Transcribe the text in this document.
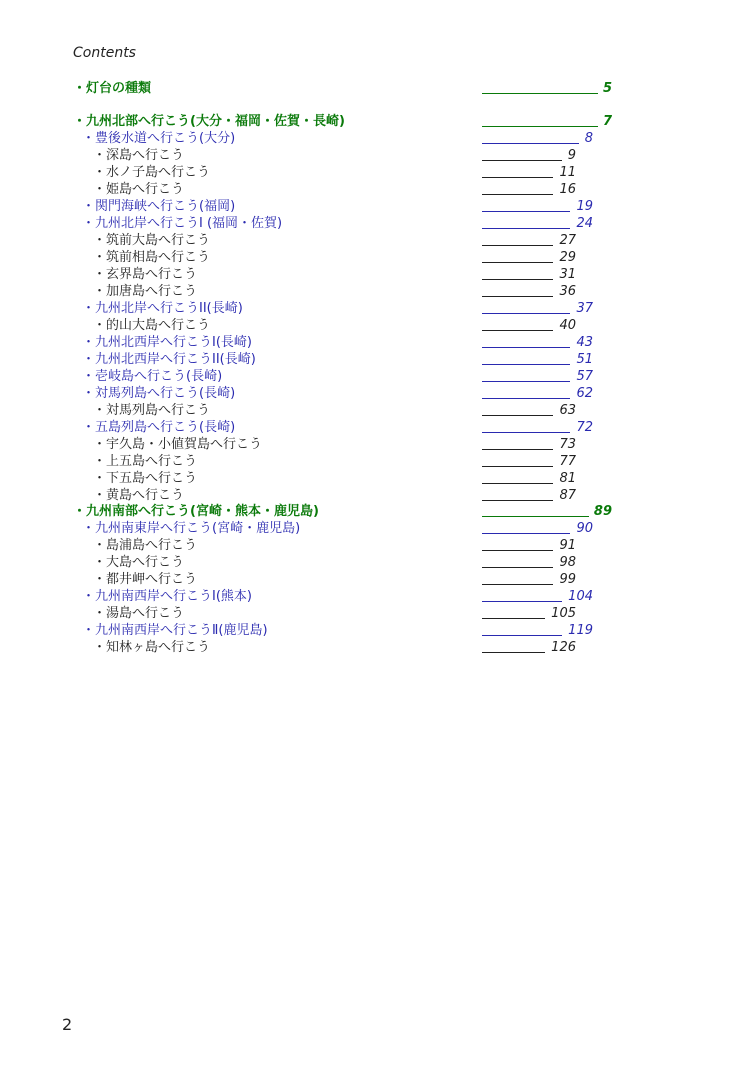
Contents
・灯台の種類	5
・九州北部へ行こう(大分・福岡・佐賀・長崎)	7
・豊後水道へ行こう(大分)	8
・深島へ行こう	9
・水ノ子島へ行こう	11
・姫島へ行こう	16
・関門海峡へ行こう(福岡)	19
・九州北岸へ行こうI (福岡・佐賀)	24
・筑前大島へ行こう	27
・筑前相島へ行こう	29
・玄界島へ行こう	31
・加唐島へ行こう	36
・九州北岸へ行こうII(長崎)	37
・的山大島へ行こう	40
・九州北西岸へ行こうI(長崎)	43
・九州北西岸へ行こうII(長崎)	51
・壱岐島へ行こう(長崎)	57
・対馬列島へ行こう(長崎)	62
・対馬列島へ行こう	63
・五島列島へ行こう(長崎)	72
・宇久島・小値賀島へ行こう	73
・上五島へ行こう	77
・下五島へ行こう	81
・黄島へ行こう	87
・九州南部へ行こう(宮崎・熊本・鹿児島)	89
・九州南東岸へ行こう(宮崎・鹿児島)	90
・島浦島へ行こう	91
・大島へ行こう	98
・都井岬へ行こう	99
・九州南西岸へ行こうⅠ(熊本)	104
・湯島へ行こう	105
・九州南西岸へ行こうⅡ(鹿児島)	119
・知林ヶ島へ行こう	126
2
